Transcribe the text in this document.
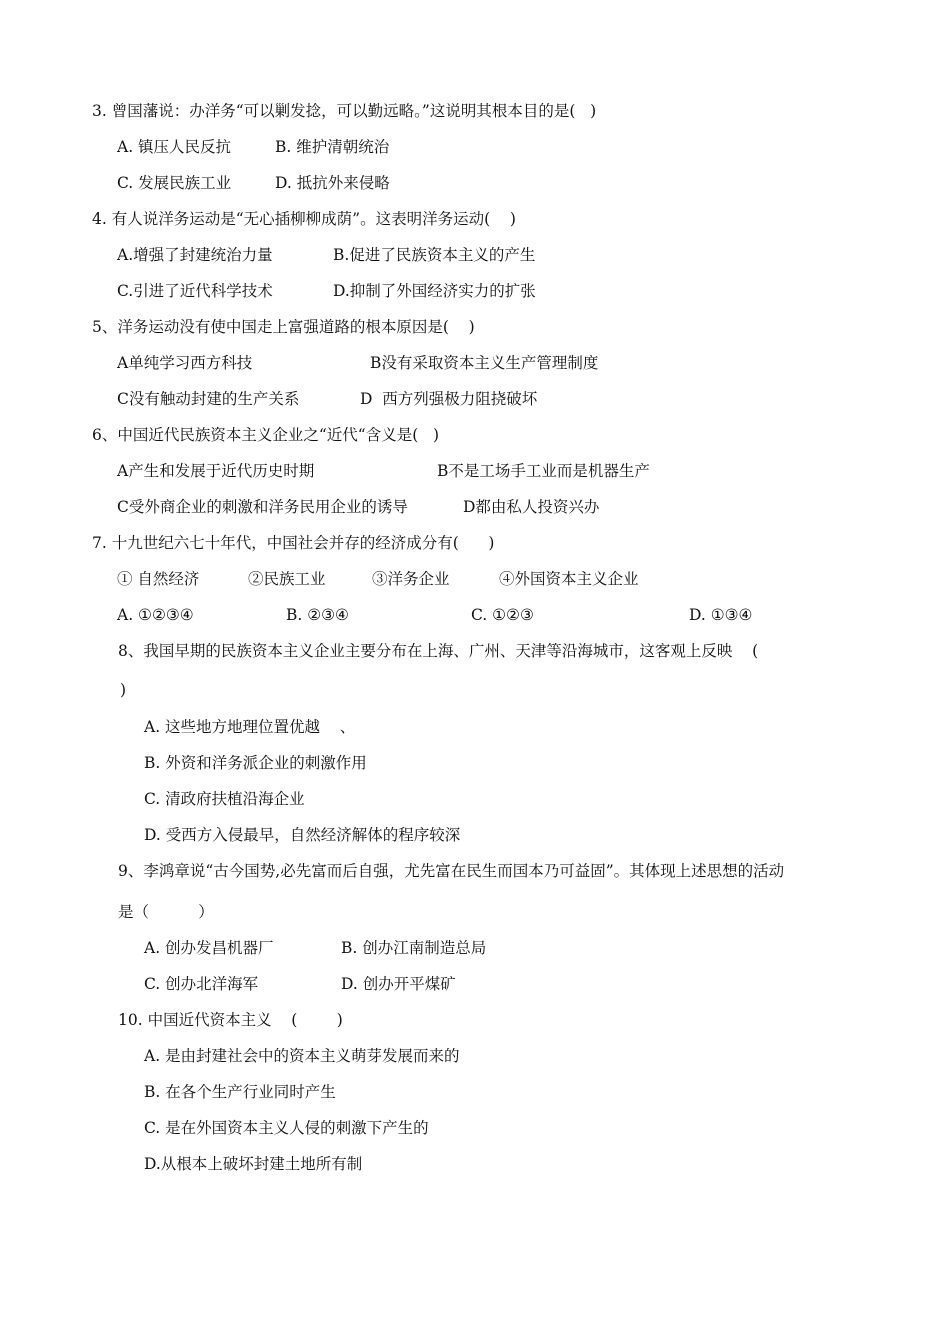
3. 曾国藩说：办洋务“可以剿发捻，可以勤远略。”这说明其根本目的是(   )
A. 镇压人民反抗	B. 维护清朝统治
C. 发展民族工业	D. 抵抗外来侵略
4. 有人说洋务运动是“无心插柳柳成荫”。这表明洋务运动(    )
A.增强了封建统治力量	B.促进了民族资本主义的产生
C.引进了近代科学技术	D.抑制了外国经济实力的扩张
5、洋务运动没有使中国走上富强道路的根本原因是(    )
A单纯学习西方科技	B没有采取资本主义生产管理制度
C没有触动封建的生产关系	D  西方列强极力阻挠破坏
6、中国近代民族资本主义企业之“近代“含义是(   )
A产生和发展于近代历史时期	B不是工场手工业而是机器生产
C受外商企业的刺激和洋务民用企业的诱导	D都由私人投资兴办
7. 十九世纪六七十年代，中国社会并存的经济成分有(      )
① 自然经济	②民族工业	③洋务企业	④外国资本主义企业
A. ①②③④	B. ②③④	C. ①②③	D. ①③④
8、我国早期的民族资本主义企业主要分布在上海、广州、天津等沿海城市，这客观上反映    (
)
A. 这些地方地理位置优越    、
B. 外资和洋务派企业的刺激作用
C. 清政府扶植沿海企业
D. 受西方入侵最早，自然经济解体的程序较深
9、李鸿章说“古今国势,必先富而后自强，尤先富在民生而国本乃可益固”。其体现上述思想的活动
是（          ）
A. 创办发昌机器厂	B. 创办江南制造总局
C. 创办北洋海军	D. 创办开平煤矿
10. 中国近代资本主义    (        )
A. 是由封建社会中的资本主义萌芽发展而来的
B. 在各个生产行业同时产生
C. 是在外国资本主义人侵的刺激下产生的
D.从根本上破坏封建土地所有制
